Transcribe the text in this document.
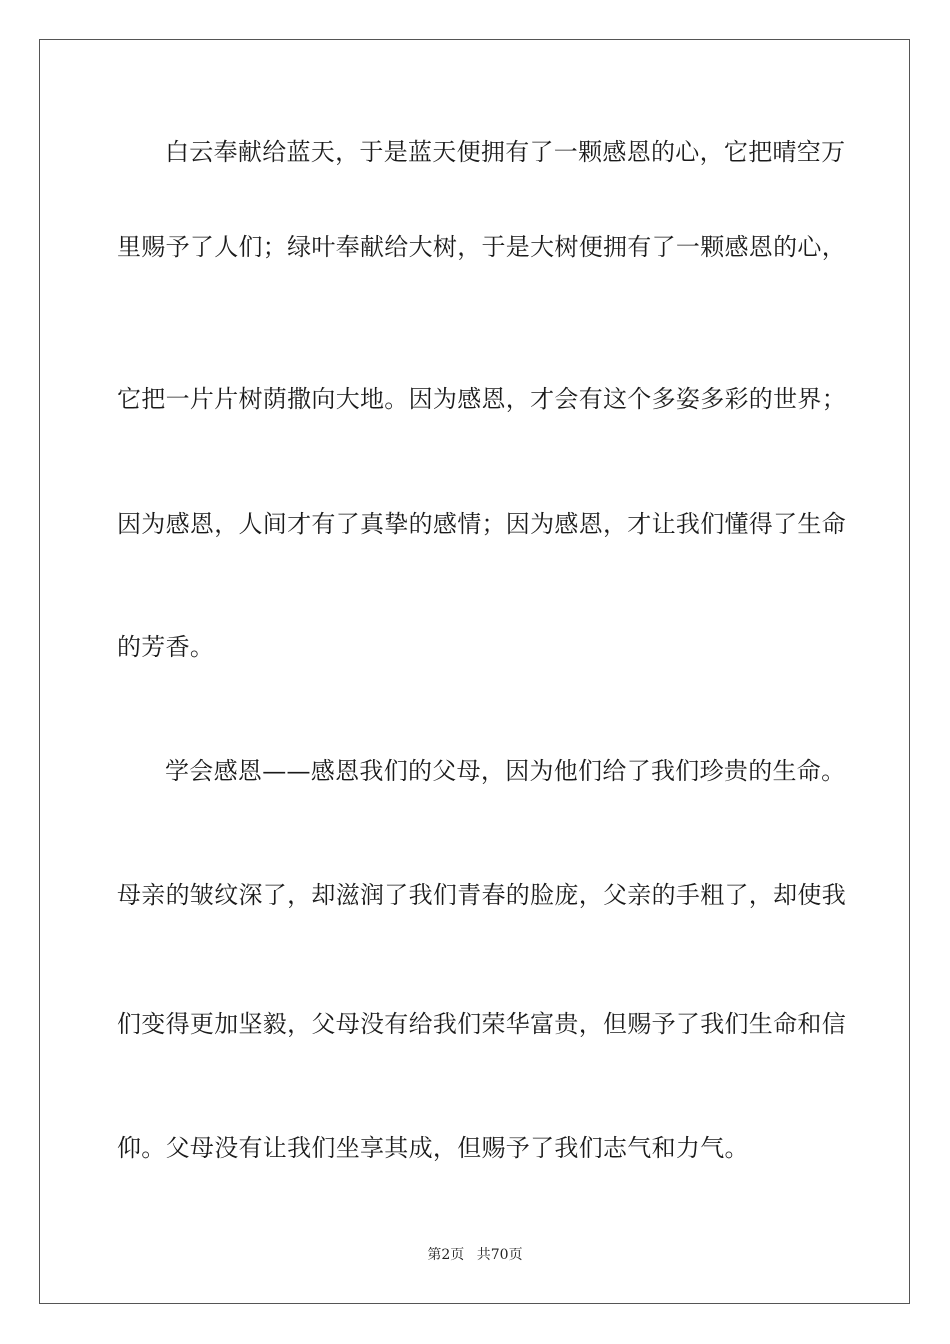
白云奉献给蓝天，于是蓝天便拥有了一颗感恩的心，它把晴空万
里赐予了人们；绿叶奉献给大树，于是大树便拥有了一颗感恩的心，
它把一片片树荫撒向大地。因为感恩，才会有这个多姿多彩的世界；
因为感恩，人间才有了真挚的感情；因为感恩，才让我们懂得了生命
的芳香。
学会感恩——感恩我们的父母，因为他们给了我们珍贵的生命。
母亲的皱纹深了，却滋润了我们青春的脸庞，父亲的手粗了，却使我
们变得更加坚毅，父母没有给我们荣华富贵，但赐予了我们生命和信
仰。父母没有让我们坐享其成，但赐予了我们志气和力气。
第2页 共70页
